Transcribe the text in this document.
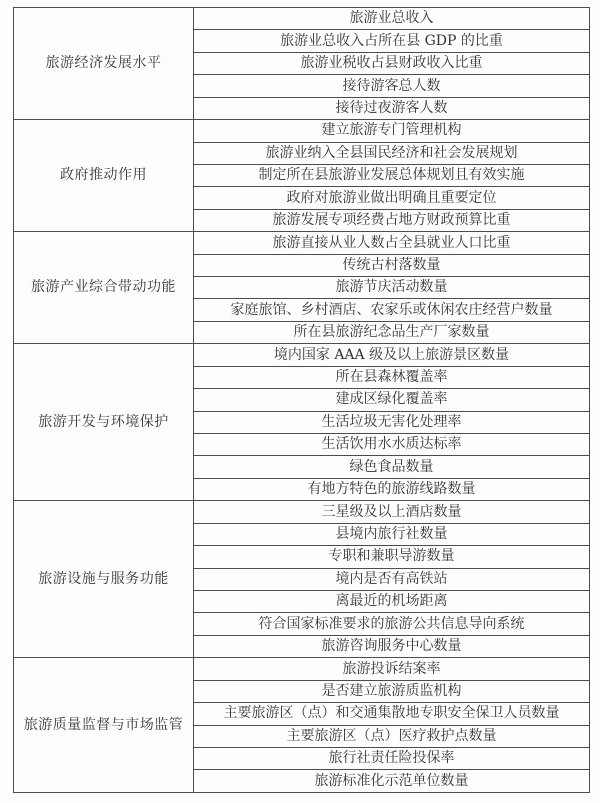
旅游经济发展水平	旅游业总收入
	旅游业总收入占所在县 GDP 的比重
	旅游业税收占县财政收入比重
	接待游客总人数
	接待过夜游客人数
政府推动作用	建立旅游专门管理机构
	旅游业纳入全县国民经济和社会发展规划
	制定所在县旅游业发展总体规划且有效实施
	政府对旅游业做出明确且重要定位
	旅游发展专项经费占地方财政预算比重
旅游产业综合带动功能	旅游直接从业人数占全县就业人口比重
	传统古村落数量
	旅游节庆活动数量
	家庭旅馆、乡村酒店、农家乐或休闲农庄经营户数量
	所在县旅游纪念品生产厂家数量
旅游开发与环境保护	境内国家 AAA 级及以上旅游景区数量
	所在县森林覆盖率
	建成区绿化覆盖率
	生活垃圾无害化处理率
	生活饮用水水质达标率
	绿色食品数量
	有地方特色的旅游线路数量
旅游设施与服务功能	三星级及以上酒店数量
	县境内旅行社数量
	专职和兼职导游数量
	境内是否有高铁站
	离最近的机场距离
	符合国家标准要求的旅游公共信息导向系统
	旅游咨询服务中心数量
旅游质量监督与市场监管	旅游投诉结案率
	是否建立旅游质监机构
	主要旅游区（点）和交通集散地专职安全保卫人员数量
	主要旅游区（点）医疗救护点数量
	旅行社责任险投保率
	旅游标准化示范单位数量
